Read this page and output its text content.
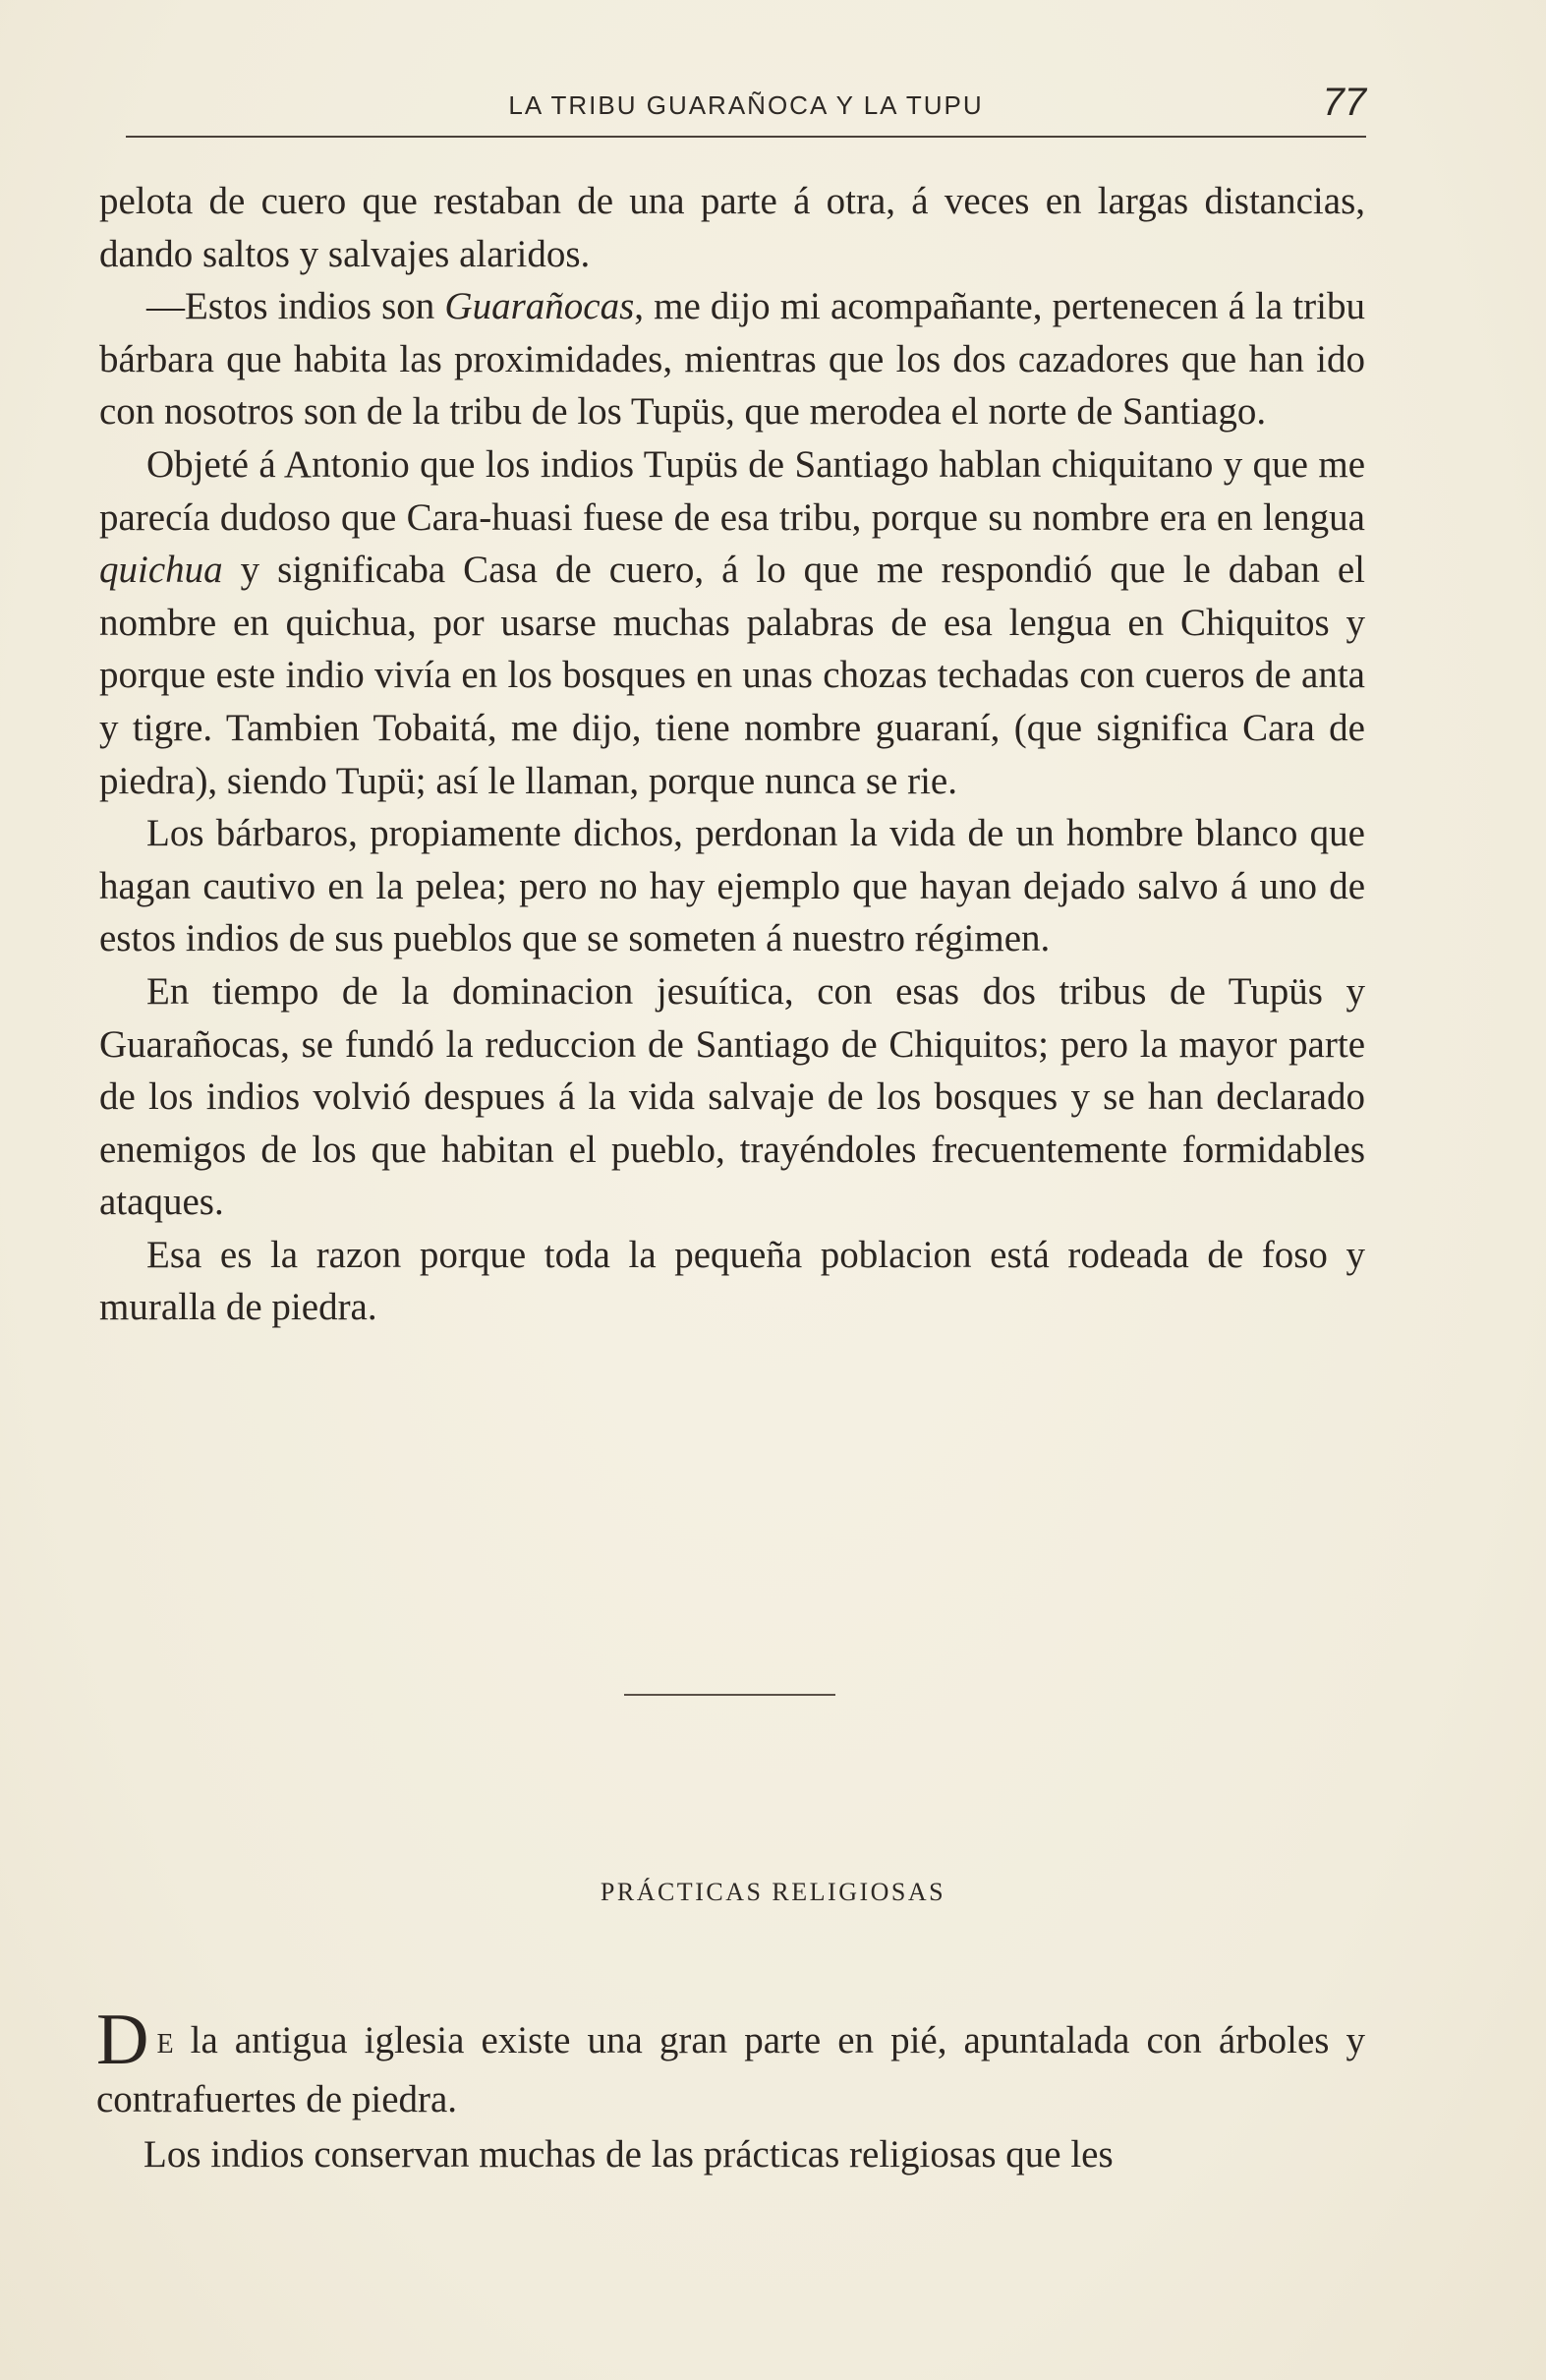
LA TRIBU GUARAÑOCA Y LA TUPU	77

pelota de cuero que restaban de una parte á otra, á veces en largas distancias, dando saltos y salvajes alaridos.

—Estos indios son Guarañocas, me dijo mi acompañante, pertenecen á la tribu bárbara que habita las proximidades, mientras que los dos cazadores que han ido con nosotros son de la tribu de los Tupüs, que merodea el norte de Santiago.

Objeté á Antonio que los indios Tupüs de Santiago hablan chiquitano y que me parecía dudoso que Cara-huasi fuese de esa tribu, porque su nombre era en lengua quichua y significaba Casa de cuero, á lo que me respondió que le daban el nombre en quichua, por usarse muchas palabras de esa lengua en Chiquitos y porque este indio vivía en los bosques en unas chozas techadas con cueros de anta y tigre. Tambien Tobaitá, me dijo, tiene nombre guaraní, (que significa Cara de piedra), siendo Tupü; así le llaman, porque nunca se rie.

Los bárbaros, propiamente dichos, perdonan la vida de un hombre blanco que hagan cautivo en la pelea; pero no hay ejemplo que hayan dejado salvo á uno de estos indios de sus pueblos que se someten á nuestro régimen.

En tiempo de la dominacion jesuítica, con esas dos tribus de Tupüs y Guarañocas, se fundó la reduccion de Santiago de Chiquitos; pero la mayor parte de los indios volvió despues á la vida salvaje de los bosques y se han declarado enemigos de los que habitan el pueblo, trayéndoles frecuentemente formidables ataques.

Esa es la razon porque toda la pequeña poblacion está rodeada de foso y muralla de piedra.

PRÁCTICAS RELIGIOSAS

DE la antigua iglesia existe una gran parte en pié, apuntalada con árboles y contrafuertes de piedra.

Los indios conservan muchas de las prácticas religiosas que les
